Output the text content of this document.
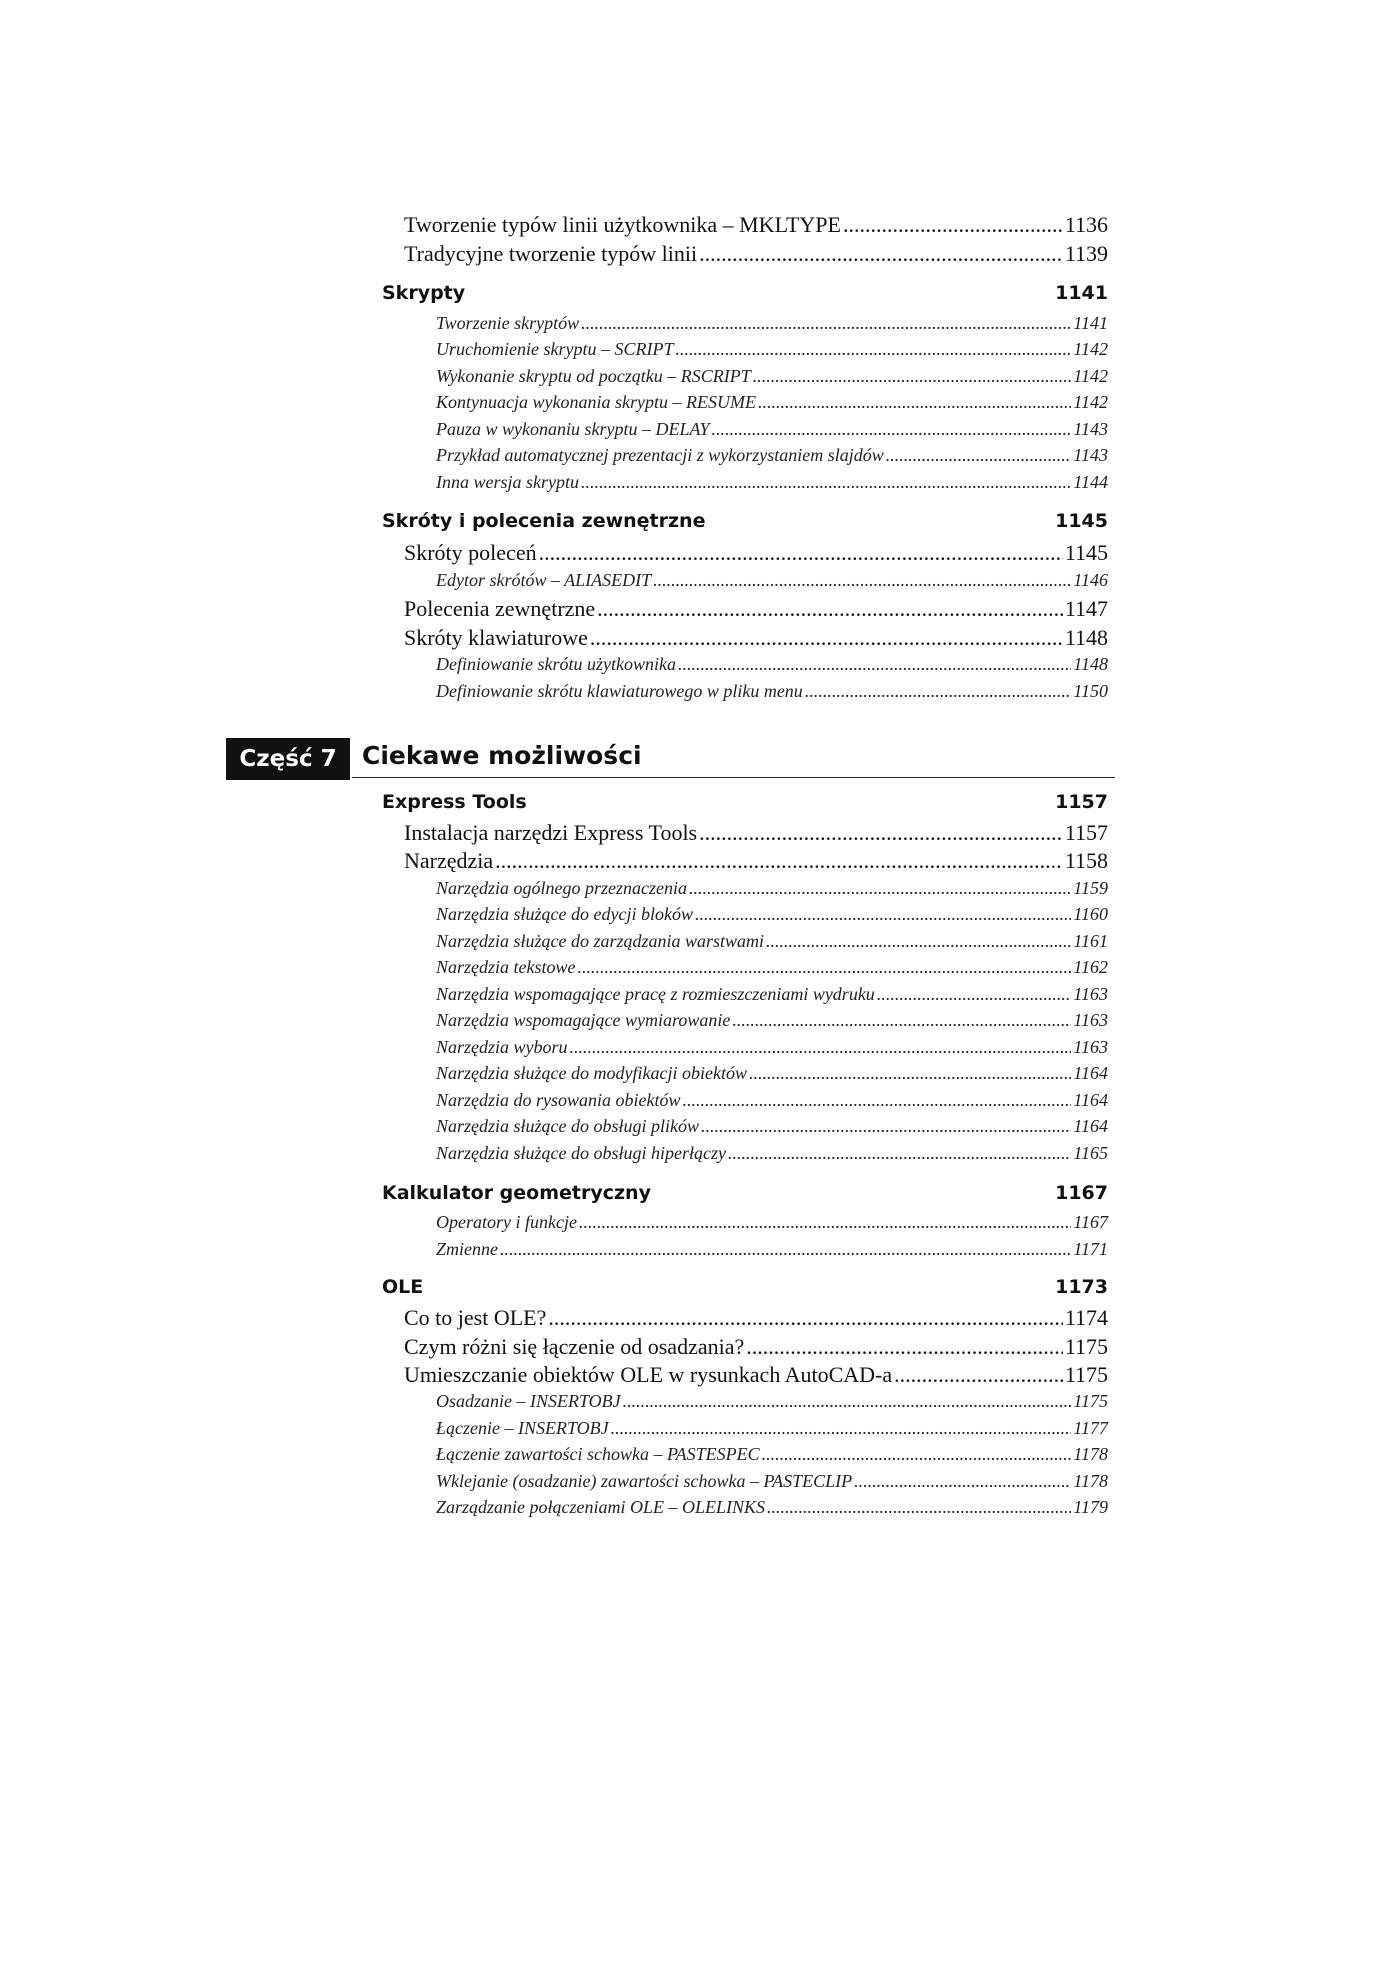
Tworzenie typów linii użytkownika – MKLTYPE .....	1136
Tradycyjne tworzenie typów linii .....	1139
Skrypty	1141
Tworzenie skryptów .....	1141
Uruchomienie skryptu – SCRIPT .....	1142
Wykonanie skryptu od początku – RSCRIPT .....	1142
Kontynuacja wykonania skryptu – RESUME .....	1142
Pauza w wykonaniu skryptu – DELAY .....	1143
Przykład automatycznej prezentacji z wykorzystaniem slajdów .....	1143
Inna wersja skryptu .....	1144
Skróty i polecenia zewnętrzne	1145
Skróty poleceń .....	1145
Edytor skrótów – ALIASEDIT .....	1146
Polecenia zewnętrzne .....	1147
Skróty klawiaturowe .....	1148
Definiowanie skrótu użytkownika .....	1148
Definiowanie skrótu klawiaturowego w pliku menu .....	1150
Express Tools	1157
Instalacja narzędzi Express Tools .....	1157
Narzędzia .....	1158
Narzędzia ogólnego przeznaczenia .....	1159
Narzędzia służące do edycji bloków .....	1160
Narzędzia służące do zarządzania warstwami .....	1161
Narzędzia tekstowe .....	1162
Narzędzia wspomagające pracę z rozmieszczeniami wydruku .....	1163
Narzędzia wspomagające wymiarowanie .....	1163
Narzędzia wyboru .....	1163
Narzędzia służące do modyfikacji obiektów .....	1164
Narzędzia do rysowania obiektów .....	1164
Narzędzia służące do obsługi plików .....	1164
Narzędzia służące do obsługi hiperłączy .....	1165
Kalkulator geometryczny	1167
Operatory i funkcje .....	1167
Zmienne .....	1171
OLE	1173
Co to jest OLE? .....	1174
Czym różni się łączenie od osadzania? .....	1175
Umieszczanie obiektów OLE w rysunkach AutoCAD-a .....	1175
Osadzanie – INSERTOBJ .....	1175
Łączenie – INSERTOBJ .....	1177
Łączenie zawartości schowka – PASTESPEC .....	1178
Wklejanie (osadzanie) zawartości schowka – PASTECLIP .....	1178
Zarządzanie połączeniami OLE – OLELINKS .....	1179
Część 7	Ciekawe możliwości
